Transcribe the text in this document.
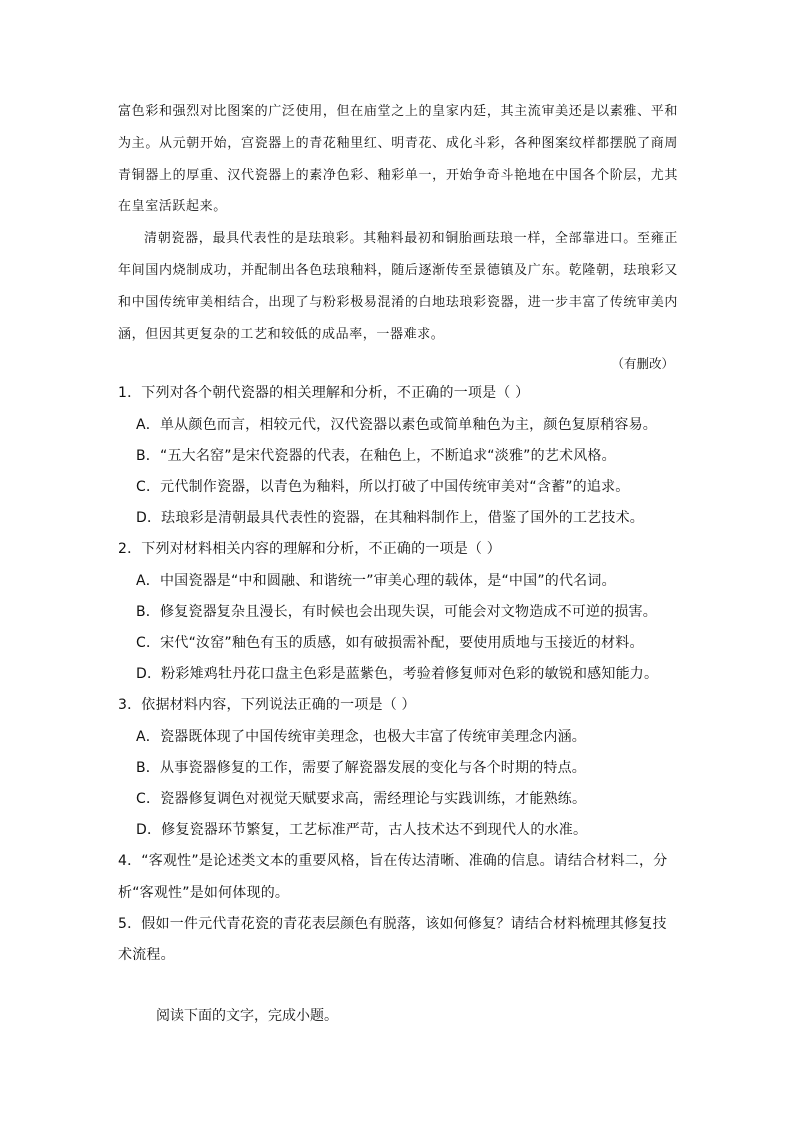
富色彩和强烈对比图案的广泛使用，但在庙堂之上的皇家内廷，其主流审美还是以素雅、平和为主。从元朝开始，宫瓷器上的青花釉里红、明青花、成化斗彩，各种图案纹样都摆脱了商周青铜器上的厚重、汉代瓷器上的素净色彩、釉彩单一，开始争奇斗艳地在中国各个阶层，尤其在皇室活跃起来。

清朝瓷器，最具代表性的是珐琅彩。其釉料最初和铜胎画珐琅一样，全部靠进口。至雍正年间国内烧制成功，并配制出各色珐琅釉料，随后逐渐传至景德镇及广东。乾隆朝，珐琅彩又和中国传统审美相结合，出现了与粉彩极易混淆的白地珐琅彩瓷器，进一步丰富了传统审美内涵，但因其更复杂的工艺和较低的成品率，一器难求。

（有删改）

1．下列对各个朝代瓷器的相关理解和分析，不正确的一项是（ ）

A．单从颜色而言，相较元代，汉代瓷器以素色或简单釉色为主，颜色复原稍容易。

B．“五大名窑”是宋代瓷器的代表，在釉色上，不断追求“淡雅”的艺术风格。

C．元代制作瓷器，以青色为釉料，所以打破了中国传统审美对“含蓄”的追求。

D．珐琅彩是清朝最具代表性的瓷器，在其釉料制作上，借鉴了国外的工艺技术。

2．下列对材料相关内容的理解和分析，不正确的一项是（ ）

A．中国瓷器是“中和圆融、和谐统一”审美心理的载体，是“中国”的代名词。

B．修复瓷器复杂且漫长，有时候也会出现失误，可能会对文物造成不可逆的损害。

C．宋代“汝窑”釉色有玉的质感，如有破损需补配，要使用质地与玉接近的材料。

D．粉彩雉鸡牡丹花口盘主色彩是蓝紫色，考验着修复师对色彩的敏锐和感知能力。

3．依据材料内容，下列说法正确的一项是（ ）

A．瓷器既体现了中国传统审美理念，也极大丰富了传统审美理念内涵。

B．从事瓷器修复的工作，需要了解瓷器发展的变化与各个时期的特点。

C．瓷器修复调色对视觉天赋要求高，需经理论与实践训练，才能熟练。

D．修复瓷器环节繁复，工艺标准严苛，古人技术达不到现代人的水准。

4．“客观性”是论述类文本的重要风格，旨在传达清晰、准确的信息。请结合材料二，分析“客观性”是如何体现的。

5．假如一件元代青花瓷的青花表层颜色有脱落，该如何修复？请结合材料梳理其修复技术流程。

阅读下面的文字，完成小题。
